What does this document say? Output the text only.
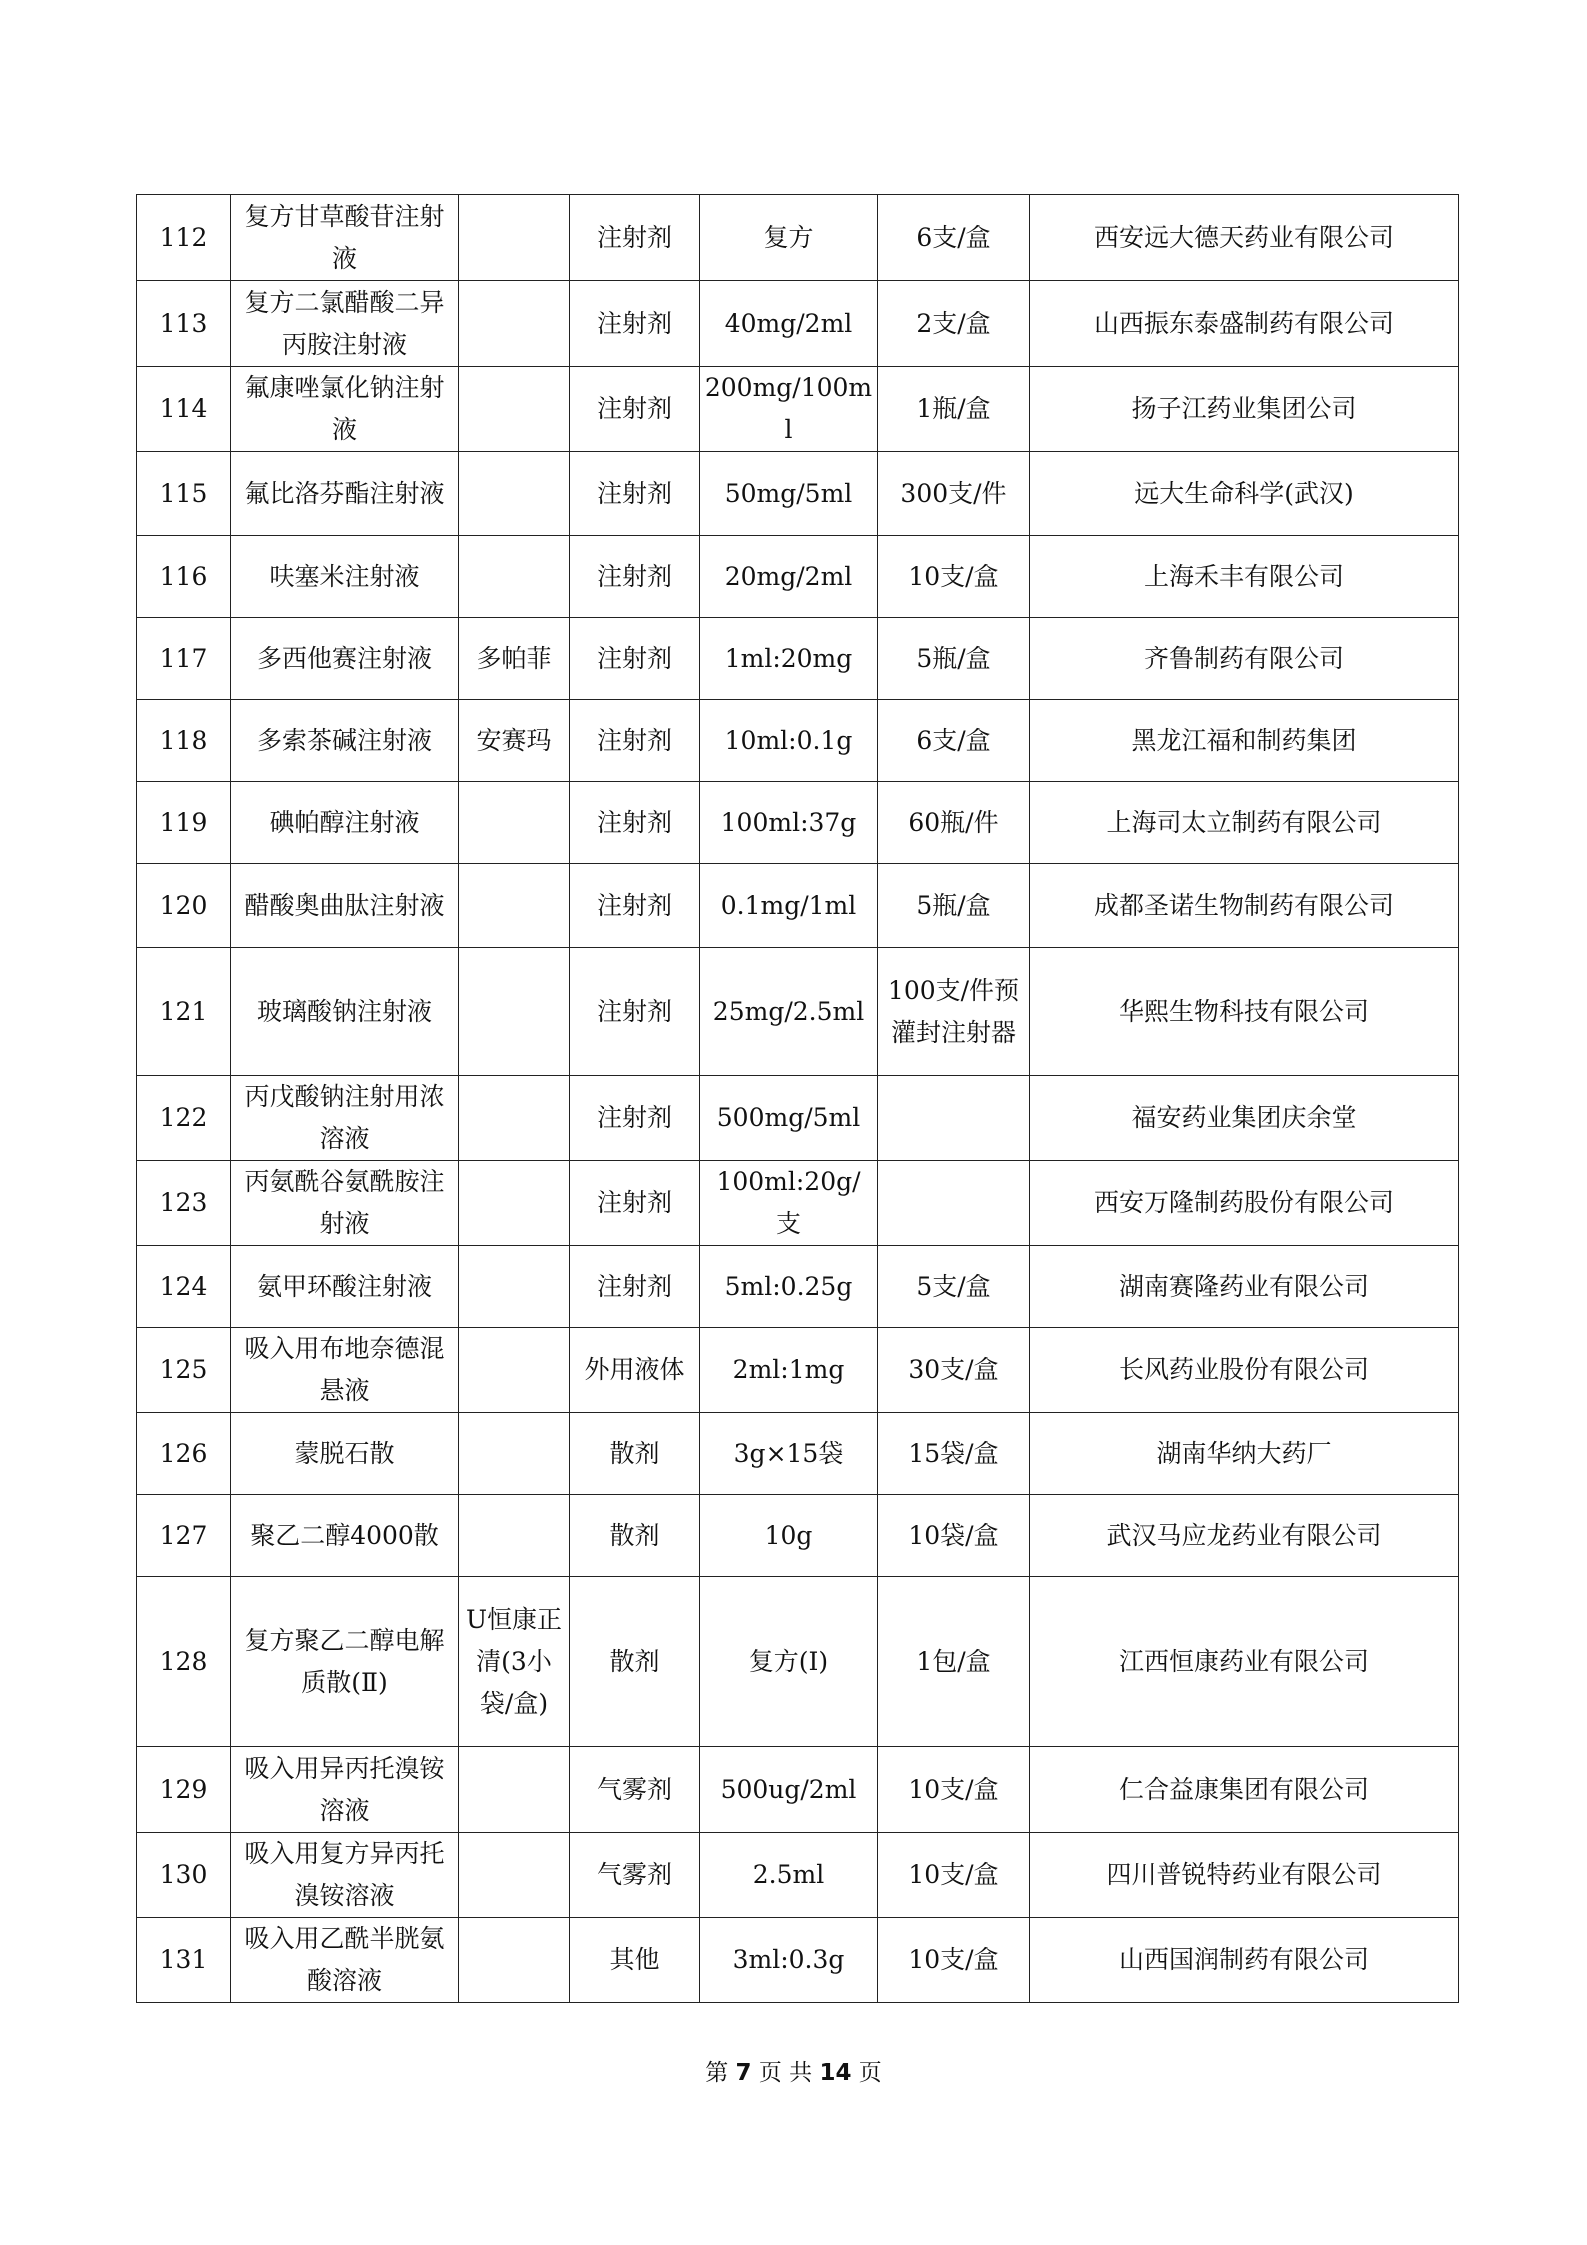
112	复方甘草酸苷注射液		注射剂	复方	6支/盒	西安远大德天药业有限公司
113	复方二氯醋酸二异丙胺注射液		注射剂	40mg/2ml	2支/盒	山西振东泰盛制药有限公司
114	氟康唑氯化钠注射液		注射剂	200mg/100ml	1瓶/盒	扬子江药业集团公司
115	氟比洛芬酯注射液		注射剂	50mg/5ml	300支/件	远大生命科学(武汉)
116	呋塞米注射液		注射剂	20mg/2ml	10支/盒	上海禾丰有限公司
117	多西他赛注射液	多帕菲	注射剂	1ml:20mg	5瓶/盒	齐鲁制药有限公司
118	多索茶碱注射液	安赛玛	注射剂	10ml:0.1g	6支/盒	黑龙江福和制药集团
119	碘帕醇注射液		注射剂	100ml:37g	60瓶/件	上海司太立制药有限公司
120	醋酸奥曲肽注射液		注射剂	0.1mg/1ml	5瓶/盒	成都圣诺生物制药有限公司
121	玻璃酸钠注射液		注射剂	25mg/2.5ml	100支/件预灌封注射器	华熙生物科技有限公司
122	丙戊酸钠注射用浓溶液		注射剂	500mg/5ml		福安药业集团庆余堂
123	丙氨酰谷氨酰胺注射液		注射剂	100ml:20g/支		西安万隆制药股份有限公司
124	氨甲环酸注射液		注射剂	5ml:0.25g	5支/盒	湖南赛隆药业有限公司
125	吸入用布地奈德混悬液		外用液体	2ml:1mg	30支/盒	长风药业股份有限公司
126	蒙脱石散		散剂	3g×15袋	15袋/盒	湖南华纳大药厂
127	聚乙二醇4000散		散剂	10g	10袋/盒	武汉马应龙药业有限公司
128	复方聚乙二醇电解质散(Ⅱ)	U恒康正清(3小袋/盒)	散剂	复方(I)	1包/盒	江西恒康药业有限公司
129	吸入用异丙托溴铵溶液		气雾剂	500ug/2ml	10支/盒	仁合益康集团有限公司
130	吸入用复方异丙托溴铵溶液		气雾剂	2.5ml	10支/盒	四川普锐特药业有限公司
131	吸入用乙酰半胱氨酸溶液		其他	3ml:0.3g	10支/盒	山西国润制药有限公司
第 7 页 共 14 页
